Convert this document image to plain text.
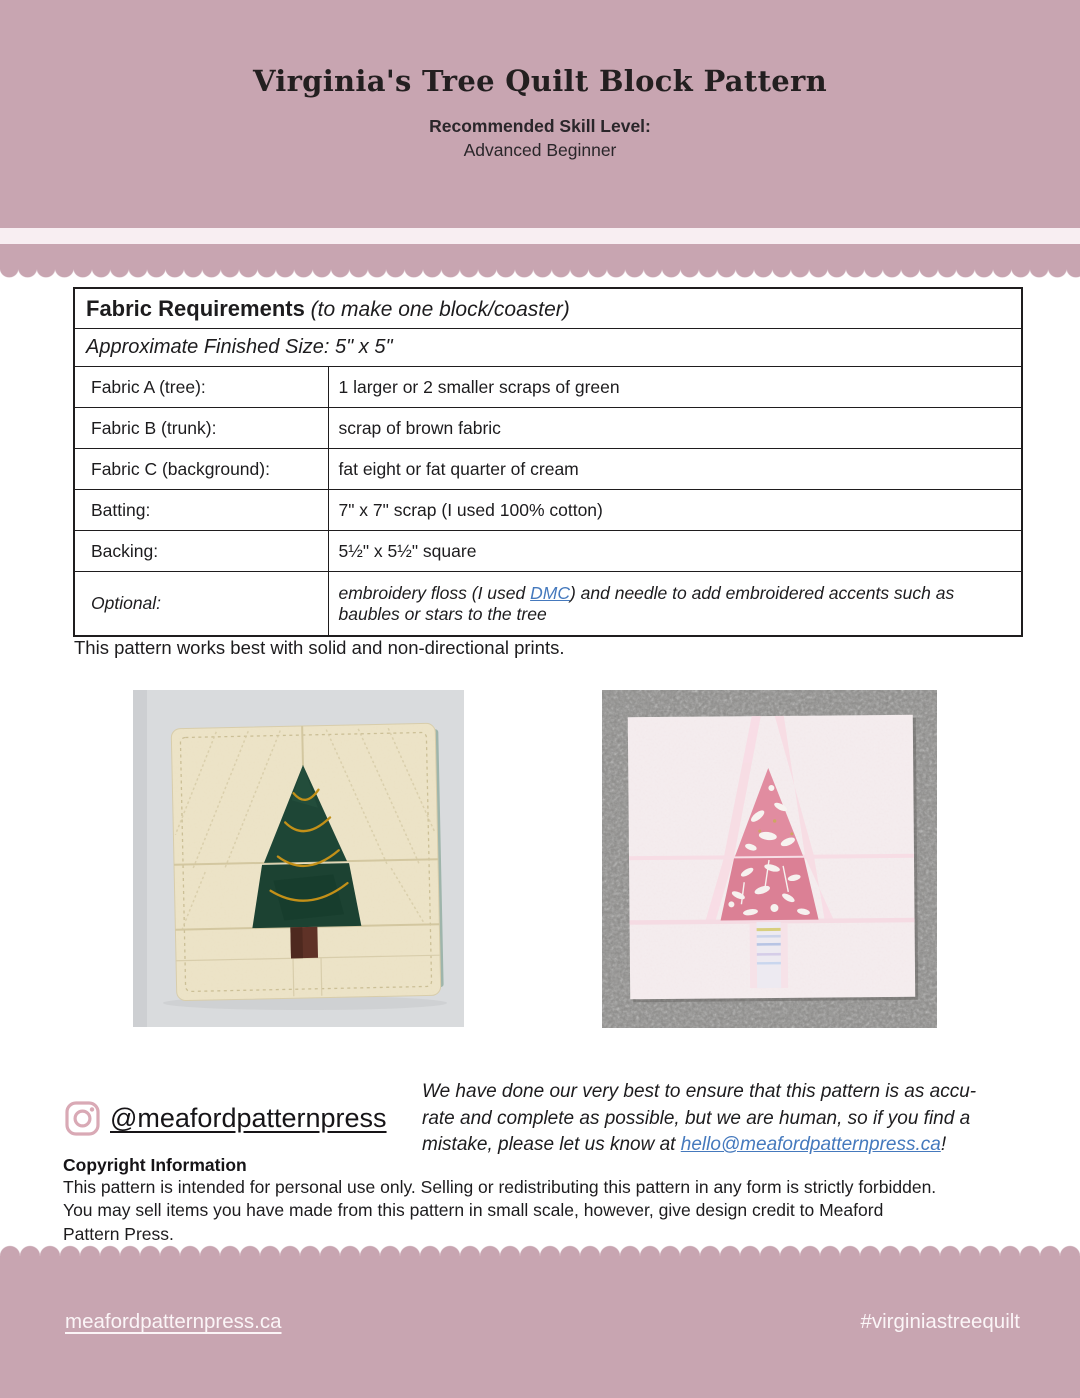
Virginia's Tree Quilt Block Pattern
Recommended Skill Level:
Advanced Beginner
Fabric Requirements (to make one block/coaster)	
Approximate Finished Size: 5" x 5"	
Fabric A (tree):	1 larger or 2 smaller scraps of green
Fabric B (trunk):	scrap of brown fabric
Fabric C (background):	fat eight or fat quarter of cream
Batting:	7" x 7" scrap (I used 100% cotton)
Backing:	5½" x 5½" square
Optional:	embroidery floss (I used DMC) and needle to add embroidered accents such as baubles or stars to the tree
This pattern works best with solid and non-directional prints.
@meafordpatternpress
We have done our very best to ensure that this pattern is as accu-
rate and complete as possible, but we are human, so if you find a
mistake, please let us know at hello@meafordpatternpress.ca!
Copyright Information
This pattern is intended for personal use only. Selling or redistributing this pattern in any form is strictly forbidden.
You may sell items you have made from this pattern in small scale, however, give design credit to Meaford
Pattern Press.
meafordpatternpress.ca	#virginiastreequilt
